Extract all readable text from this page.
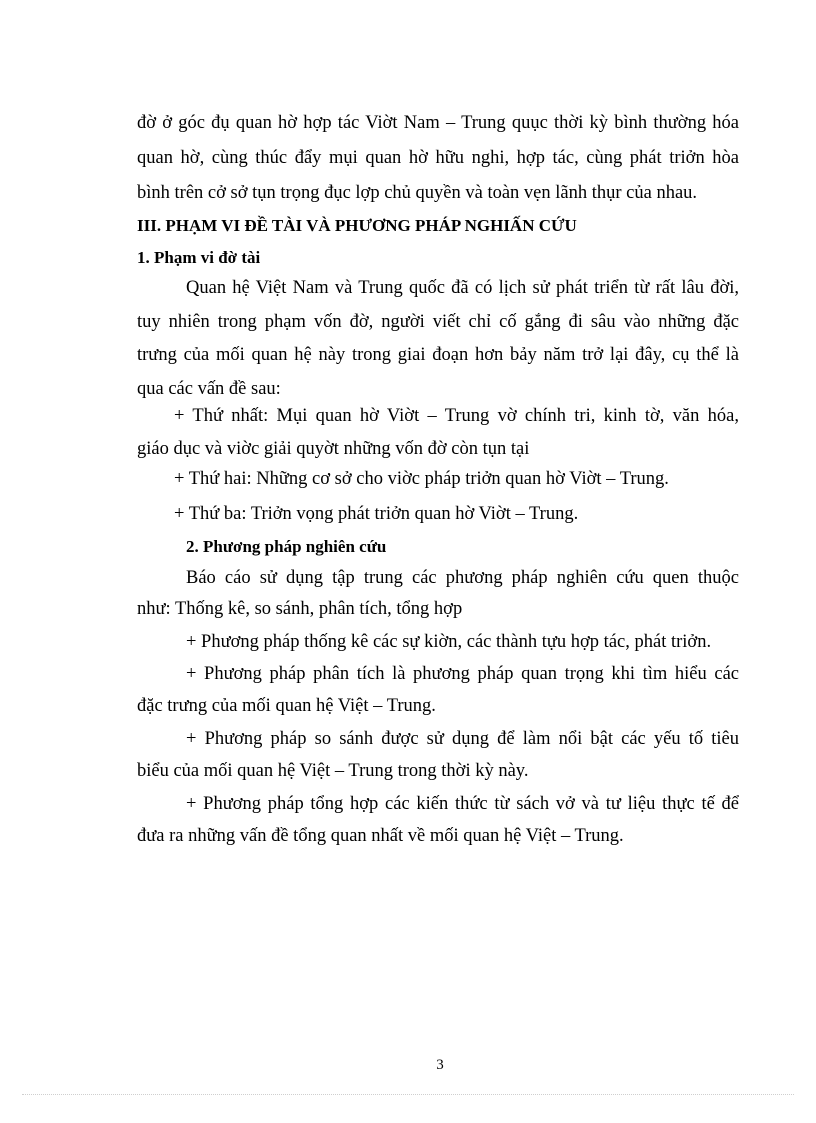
đờ ở góc đụ quan hờ hợp tác Viờt Nam – Trung quục thời kỳ bình thường hóa
quan hờ, cùng thúc đẩy mụi quan hờ hữu nghi, hợp tác, cùng phát triởn hòa
bình trên cở sở tụn trọng đục lợp chủ quyền và toàn vẹn lãnh thụr của nhau.
III. PHẠM VI ĐỀ TÀI VÀ PHƯƠNG PHÁP NGHIẤN CỨU
1. Phạm vi đờ tài
Quan hệ Việt Nam và Trung quốc đã có lịch sử phát triển từ rất lâu đời,
tuy nhiên trong phạm vốn đờ, người viết chỉ cố gắng đi sâu vào những đặc
trưng của mối quan hệ này trong giai đoạn hơn bảy năm trở lại đây, cụ thể là
qua các vấn đề sau:
+ Thứ nhất: Mụi quan hờ Viờt – Trung vờ chính tri, kinh tờ, văn hóa,
giáo dục và viờc giải quyờt những vốn đờ còn tụn tại
+ Thứ hai: Những cơ sở cho viờc pháp triởn quan hờ Viờt – Trung.
+ Thứ ba: Triởn vọng phát triởn quan hờ Viờt – Trung.
2. Phương pháp nghiên cứu
Báo cáo sử dụng tập trung các phương pháp nghiên cứu quen thuộc
như: Thống kê, so sánh, phân tích, tổng hợp
+ Phương pháp thống kê các sự kiờn, các thành tựu hợp tác, phát triởn.
+ Phương pháp phân tích là phương pháp quan trọng khi tìm hiểu các
đặc trưng của mối quan hệ Việt – Trung.
+ Phương pháp so sánh được sử dụng để làm nổi bật các yếu tố tiêu
biểu của mối quan hệ Việt – Trung trong thời kỳ này.
+ Phương pháp tổng hợp các kiến thức từ sách vở và tư liệu thực tế để
đưa ra những vấn đề tổng quan nhất về mối quan hệ Việt – Trung.
3
